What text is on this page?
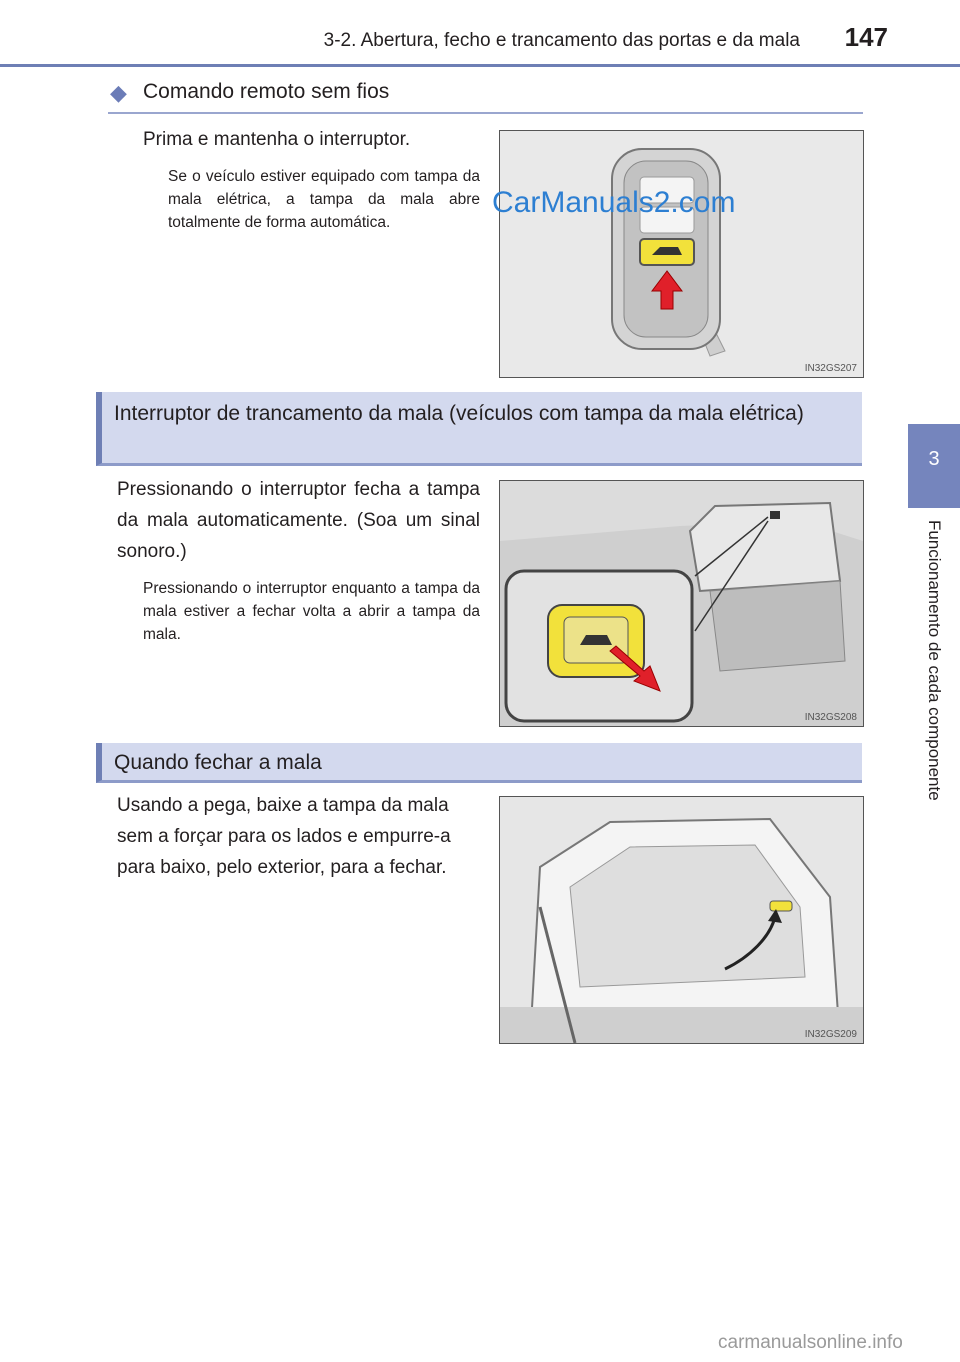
3-2. Abertura, fecho e trancamento das portas e da mala	147
3
Funcionamento de cada componente
◆ Comando remoto sem fios
Prima e mantenha o interruptor.
Se o veículo estiver equipado com tampa da mala elétrica, a tampa da mala abre totalmente de forma automática.
IN32GS207
CarManuals2.com
Interruptor de trancamento da mala (veículos com tampa da mala elétrica)
Pressionando o interruptor fecha a tampa da mala automaticamente. (Soa um sinal sonoro.)
Pressionando o interruptor enquanto a tampa da mala estiver a fechar volta a abrir a tampa da mala.
IN32GS208
Quando fechar a mala
Usando a pega, baixe a tampa da mala sem a forçar para os lados e empurre-a para baixo, pelo exterior, para a fechar.
IN32GS209
carmanualsonline.info
